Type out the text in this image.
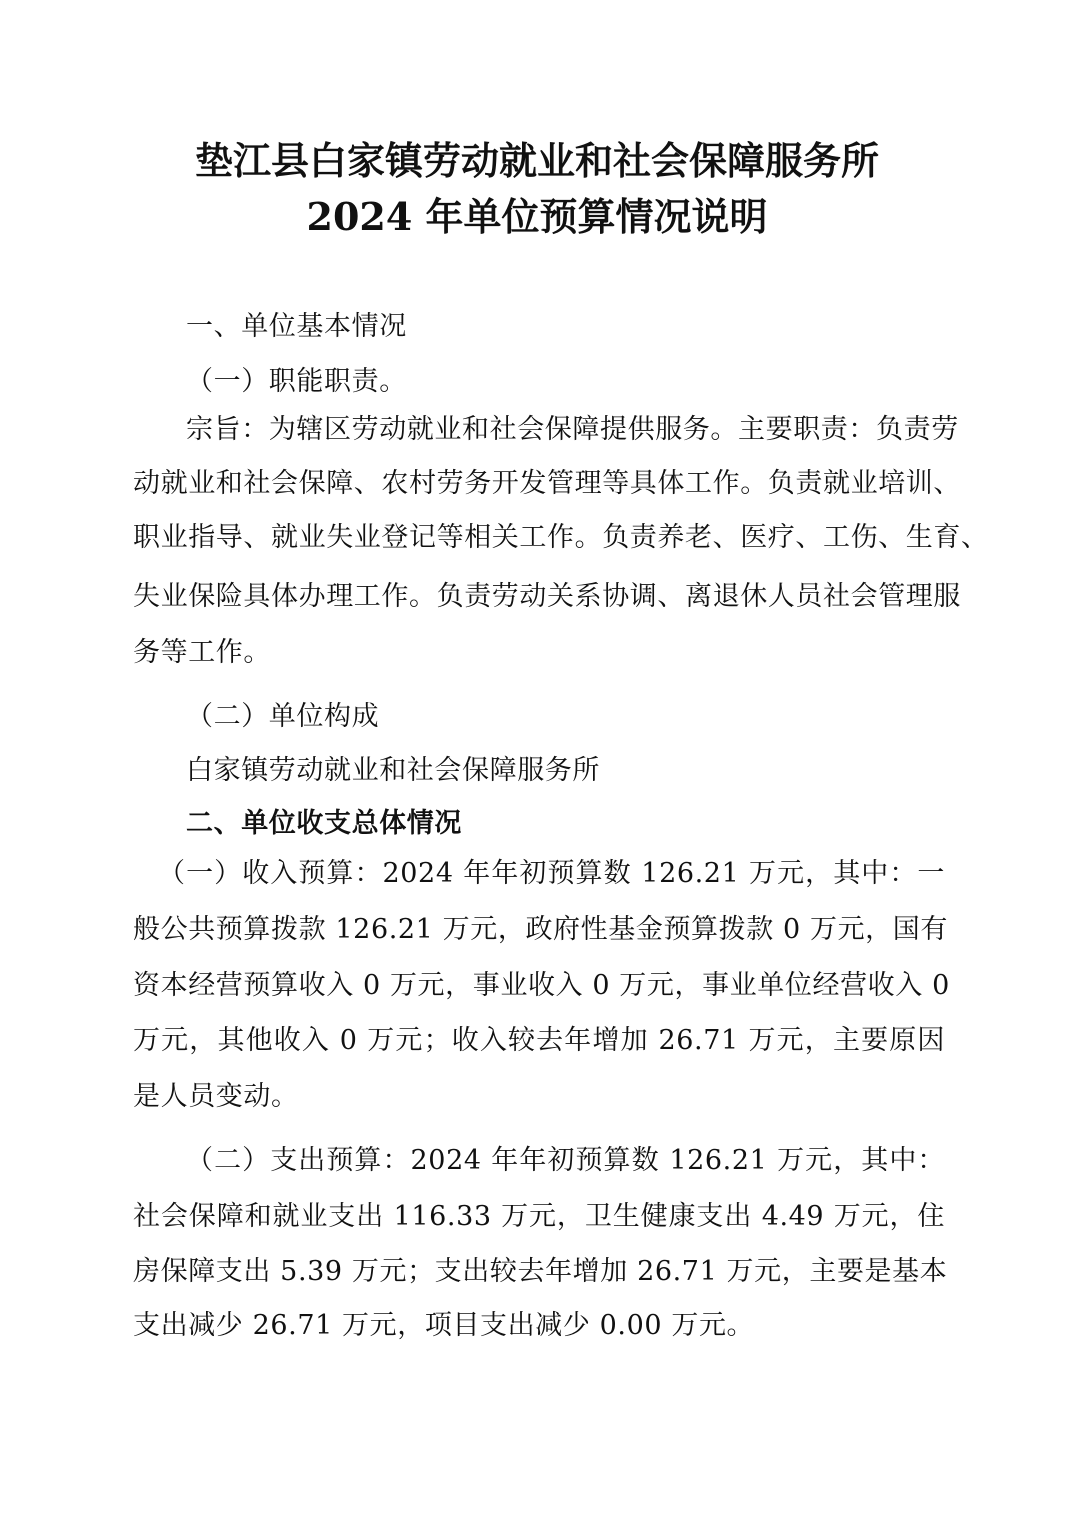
垫江县白家镇劳动就业和社会保障服务所
2024 年单位预算情况说明
一、单位基本情况
（一）职能职责。
宗旨：为辖区劳动就业和社会保障提供服务。主要职责：负责劳
动就业和社会保障、农村劳务开发管理等具体工作。负责就业培训、
职业指导、就业失业登记等相关工作。负责养老、医疗、工伤、生育、
失业保险具体办理工作。负责劳动关系协调、离退休人员社会管理服
务等工作。
（二）单位构成
白家镇劳动就业和社会保障服务所
二、单位收支总体情况
（一）收入预算：2024 年年初预算数 126.21 万元，其中：一
般公共预算拨款 126.21 万元，政府性基金预算拨款 0 万元，国有
资本经营预算收入 0 万元，事业收入 0 万元，事业单位经营收入 0
万元，其他收入 0 万元；收入较去年增加 26.71 万元，主要原因
是人员变动。
（二）支出预算：2024 年年初预算数 126.21 万元，其中：
社会保障和就业支出 116.33 万元，卫生健康支出 4.49 万元，住
房保障支出 5.39 万元；支出较去年增加 26.71 万元，主要是基本
支出减少 26.71 万元，项目支出减少 0.00 万元。
